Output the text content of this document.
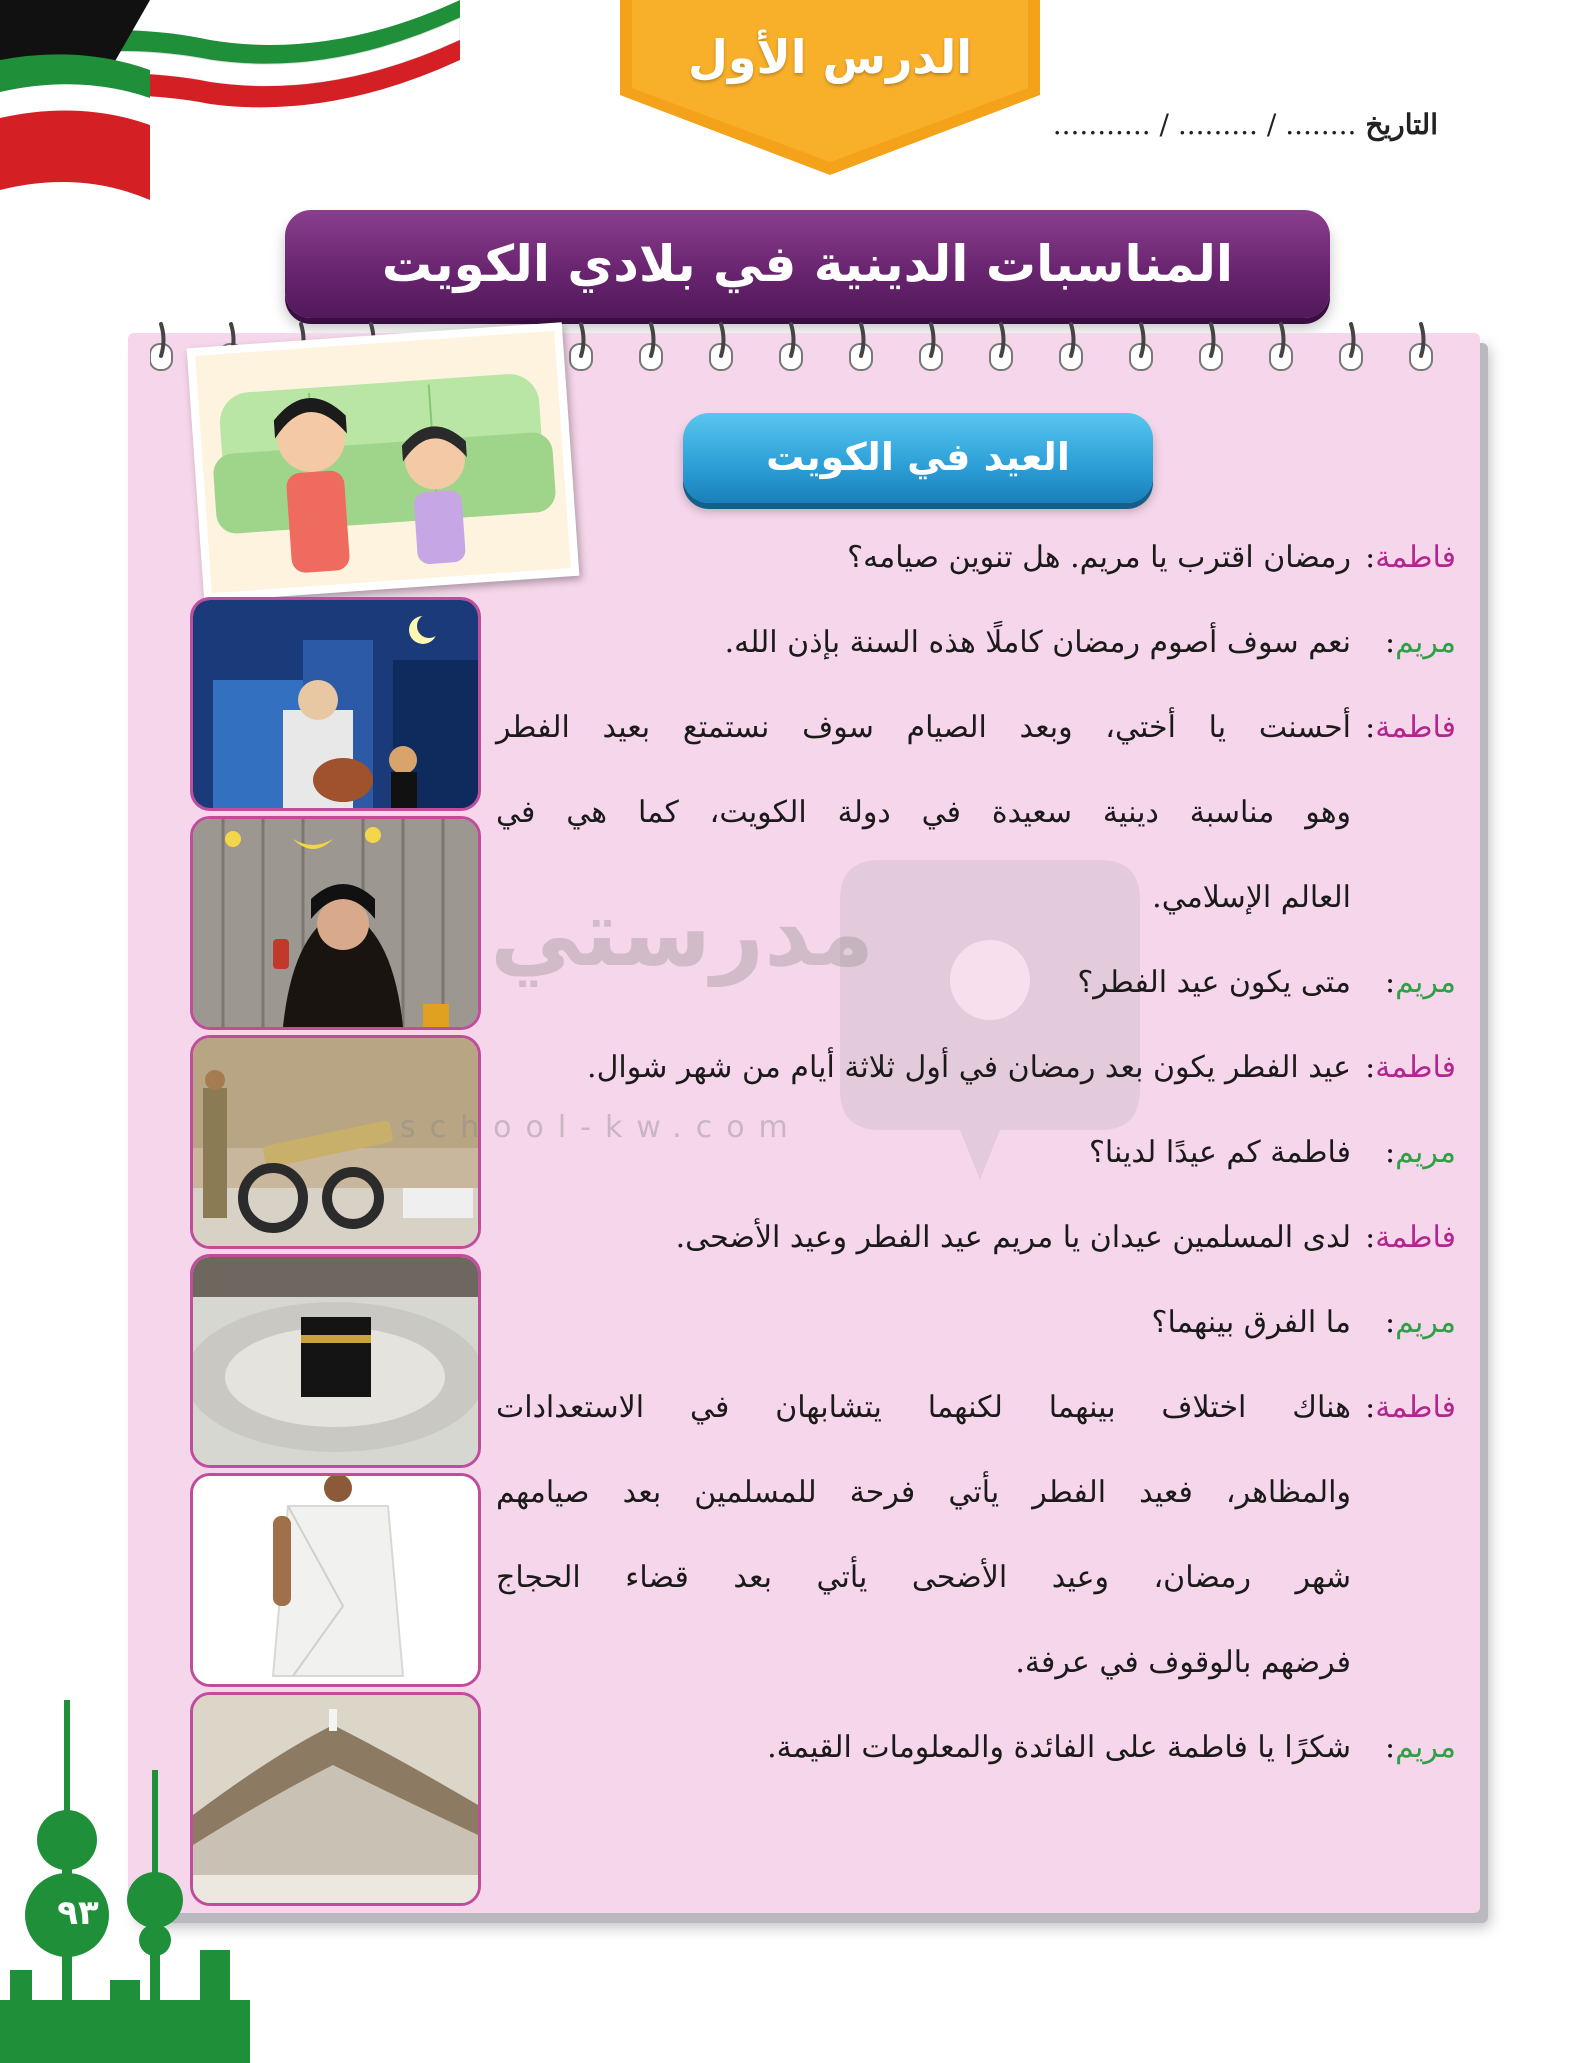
الدرس الأول
التاريخ ........ / ......... / ...........
المناسبات الدينية في بلادي الكويت
العيد في الكويت
مدرستي
school-kw.com
فاطمة:
رمضان اقترب يا مريم. هل تنوين صيامه؟
مريم:
نعم سوف أصوم رمضان كاملًا هذه السنة بإذن الله.
فاطمة:
أحسنت يا أختي، وبعد الصيام سوف نستمتع بعيد الفطر
وهو مناسبة دينية سعيدة في دولة الكويت، كما هي في
العالم الإسلامي.
مريم:
متى يكون عيد الفطر؟
فاطمة:
عيد الفطر يكون بعد رمضان في أول ثلاثة أيام من شهر شوال.
مريم:
فاطمة كم عيدًا لدينا؟
فاطمة:
لدى المسلمين عيدان يا مريم عيد الفطر وعيد الأضحى.
مريم:
ما الفرق بينهما؟
فاطمة:
هناك اختلاف بينهما لكنهما يتشابهان في الاستعدادات
والمظاهر، فعيد الفطر يأتي فرحة للمسلمين بعد صيامهم
شهر رمضان، وعيد الأضحى يأتي بعد قضاء الحجاج
فرضهم بالوقوف في عرفة.
مريم:
شكرًا يا فاطمة على الفائدة والمعلومات القيمة.
٩٣
